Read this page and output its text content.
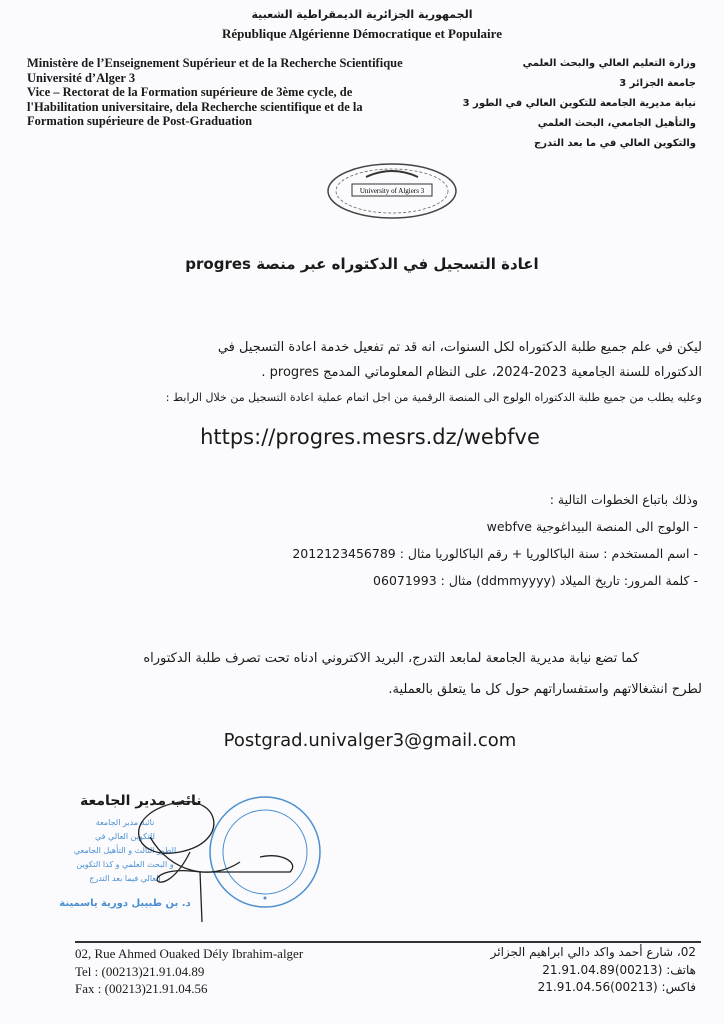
الجمهورية الجزائرية الديمقراطية الشعبية
République Algérienne Démocratique et Populaire
Ministère de l’Enseignement Supérieur et de la Recherche Scientifique
Université d’Alger 3
Vice – Rectorat de la Formation supérieure de 3ème cycle, de l'Habilitation universitaire, dela Recherche scientifique et de la Formation supérieure de Post-Graduation
وزارة التعليم العالي والبحث العلمي
جامعة الجزائر 3
نيابة مديرية الجامعة للتكوين العالي في الطور 3
والتأهيل الجامعي، البحث العلمي
والتكوين العالي في ما بعد التدرج
University of Algiers 3
اعادة التسجيل في الدكتوراه عبر منصة progres
ليكن في علم جميع طلبة الدكتوراه لكل السنوات، انه قد تم تفعيل خدمة اعادة التسجيل في
الدكتوراه للسنة الجامعية 2023-2024، على النظام المعلوماتي المدمج progres .
وعليه يطلب من جميع طلبة الدكتوراه الولوج الى المنصة الرقمية من اجل اتمام عملية اعادة التسجيل من خلال الرابط :
https://progres.mesrs.dz/webfve
وذلك باتباع الخطوات التالية :
- الولوج الى المنصة البيداغوجية webfve
- اسم المستخدم : سنة الباكالوريا + رقم الباكالوريا مثال : 2012123456789
- كلمة المرور: تاريخ الميلاد (ddmmyyyy) مثال : 06071993
كما تضع نيابة مديرية الجامعة لمابعد التدرج، البريد الاكتروني ادناه تحت تصرف طلبة الدكتوراه
لطرح انشغالاتهم واستفساراتهم حول كل ما يتعلق بالعملية.
Postgrad.univalger3@gmail.com
نائب مدير الجامعة
نائبة مدير الجامعة
للتكوين العالي في
الطور الثالث و التأهيل الجامعي
و البحث العلمي و كذا التكوين
العالي فيما بعد التدرج
د. بن طبيبل دورية ياسمينة
02, Rue Ahmed Ouaked Dély Ibrahim-alger
Tel : (00213)21.91.04.89
Fax : (00213)21.91.04.56
02، شارع أحمد واكد دالي ابراهيم الجزائر
هاتف: (00213)21.91.04.89
فاكس: (00213)21.91.04.56
